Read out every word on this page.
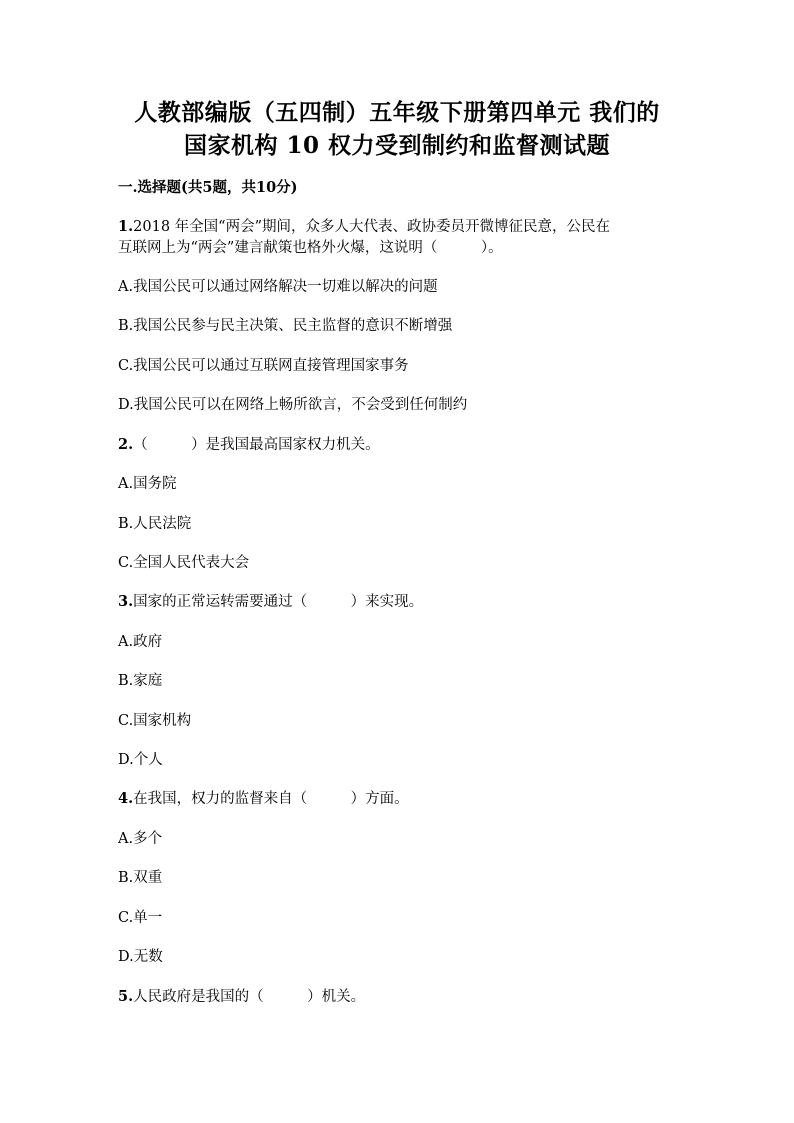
人教部编版（五四制）五年级下册第四单元 我们的
国家机构 10 权力受到制约和监督测试题
一.选择题(共5题，共10分)
1.2018 年全国“两会”期间，众多人大代表、政协委员开微博征民意，公民在
互联网上为“两会”建言献策也格外火爆，这说明（　　　）。
A.我国公民可以通过网络解决一切难以解决的问题
B.我国公民参与民主决策、民主监督的意识不断增强
C.我国公民可以通过互联网直接管理国家事务
D.我国公民可以在网络上畅所欲言，不会受到任何制约
2.（　　　）是我国最高国家权力机关。
A.国务院
B.人民法院
C.全国人民代表大会
3.国家的正常运转需要通过（　　　）来实现。
A.政府
B.家庭
C.国家机构
D.个人
4.在我国，权力的监督来自（　　　）方面。
A.多个
B.双重
C.单一
D.无数
5.人民政府是我国的（　　　）机关。
